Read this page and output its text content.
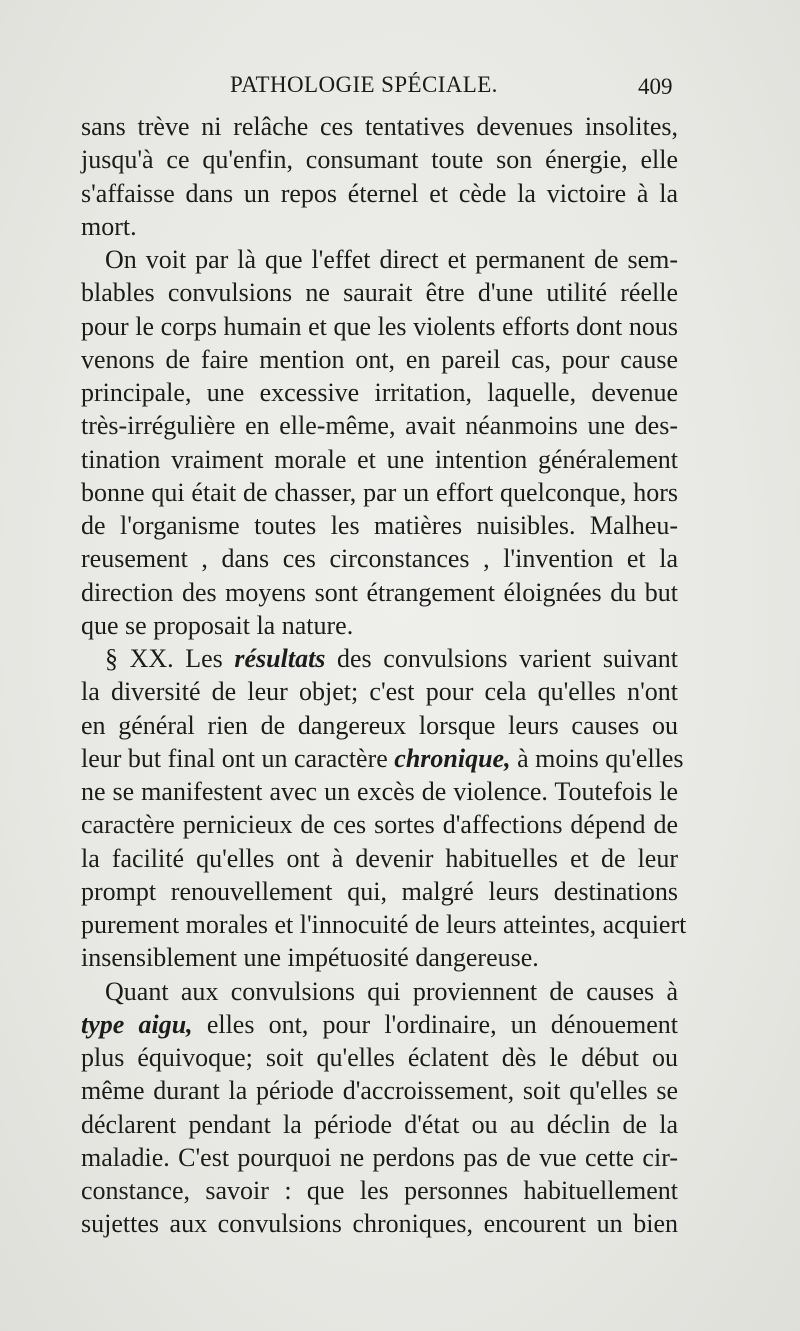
PATHOLOGIE SPÉCIALE.	409
sans trève ni relâche ces tentatives devenues insolites,
jusqu'à ce qu'enfin, consumant toute son énergie, elle
s'affaisse dans un repos éternel et cède la victoire à la
mort.
On voit par là que l'effet direct et permanent de sem-
blables convulsions ne saurait être d'une utilité réelle
pour le corps humain et que les violents efforts dont nous
venons de faire mention ont, en pareil cas, pour cause
principale, une excessive irritation, laquelle, devenue
très-irrégulière en elle-même, avait néanmoins une des-
tination vraiment morale et une intention généralement
bonne qui était de chasser, par un effort quelconque, hors
de l'organisme toutes les matières nuisibles. Malheu-
reusement , dans ces circonstances , l'invention et la
direction des moyens sont étrangement éloignées du but
que se proposait la nature.
§ XX. Les résultats des convulsions varient suivant
la diversité de leur objet; c'est pour cela qu'elles n'ont
en général rien de dangereux lorsque leurs causes ou
leur but final ont un caractère chronique, à moins qu'elles
ne se manifestent avec un excès de violence. Toutefois le
caractère pernicieux de ces sortes d'affections dépend de
la facilité qu'elles ont à devenir habituelles et de leur
prompt renouvellement qui, malgré leurs destinations
purement morales et l'innocuité de leurs atteintes, acquiert
insensiblement une impétuosité dangereuse.
Quant aux convulsions qui proviennent de causes à
type aigu, elles ont, pour l'ordinaire, un dénouement
plus équivoque; soit qu'elles éclatent dès le début ou
même durant la période d'accroissement, soit qu'elles se
déclarent pendant la période d'état ou au déclin de la
maladie. C'est pourquoi ne perdons pas de vue cette cir-
constance, savoir : que les personnes habituellement
sujettes aux convulsions chroniques, encourent un bien
